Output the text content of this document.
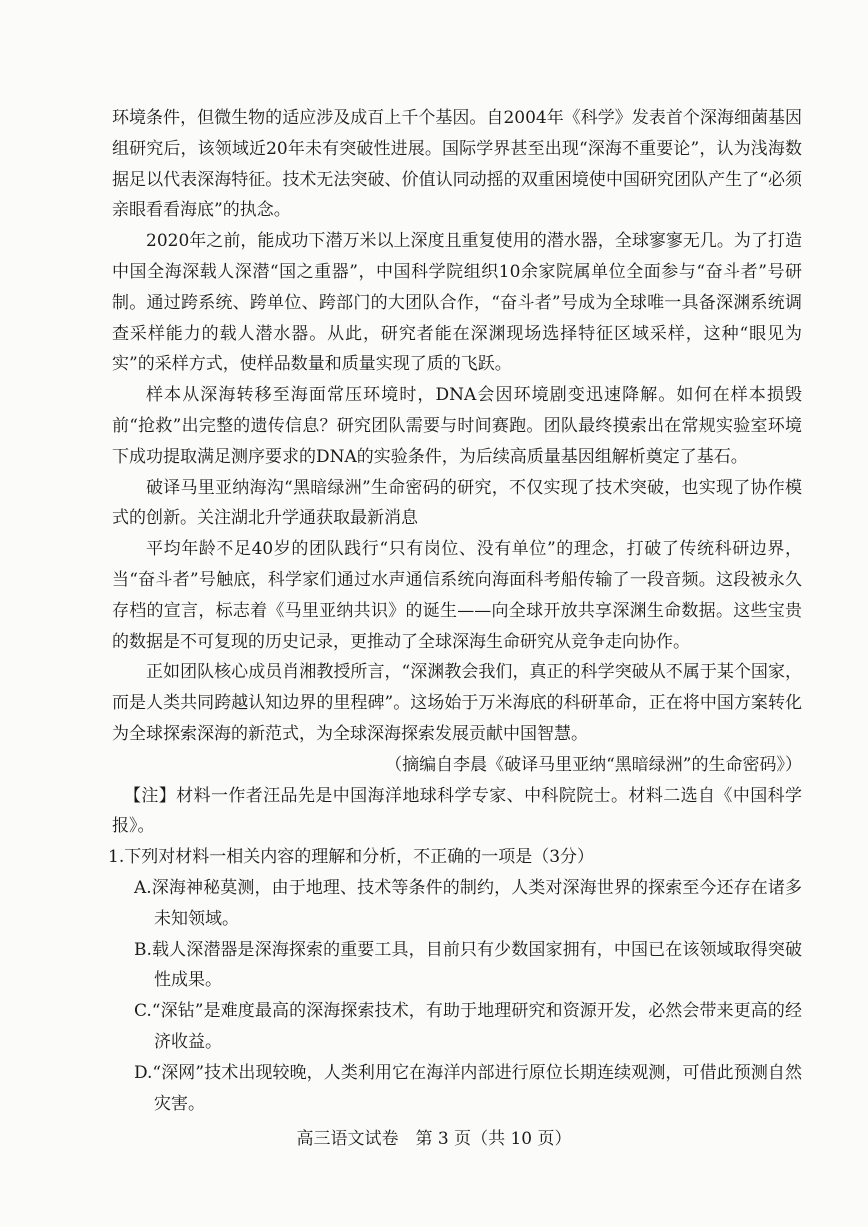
环境条件，但微生物的适应涉及成百上千个基因。自2004年《科学》发表首个深海细菌基因组研究后，该领域近20年未有突破性进展。国际学界甚至出现“深海不重要论”，认为浅海数据足以代表深海特征。技术无法突破、价值认同动摇的双重困境使中国研究团队产生了“必须亲眼看看海底”的执念。

2020年之前，能成功下潜万米以上深度且重复使用的潜水器，全球寥寥无几。为了打造中国全海深载人深潜“国之重器”，中国科学院组织10余家院属单位全面参与“奋斗者”号研制。通过跨系统、跨单位、跨部门的大团队合作，“奋斗者”号成为全球唯一具备深渊系统调查采样能力的载人潜水器。从此，研究者能在深渊现场选择特征区域采样，这种“眼见为实”的采样方式，使样品数量和质量实现了质的飞跃。

样本从深海转移至海面常压环境时，DNA会因环境剧变迅速降解。如何在样本损毁前“抢救”出完整的遗传信息？研究团队需要与时间赛跑。团队最终摸索出在常规实验室环境下成功提取满足测序要求的DNA的实验条件，为后续高质量基因组解析奠定了基石。

破译马里亚纳海沟“黑暗绿洲”生命密码的研究，不仅实现了技术突破，也实现了协作模式的创新。关注湖北升学通获取最新消息

平均年龄不足40岁的团队践行“只有岗位、没有单位”的理念，打破了传统科研边界，当“奋斗者”号触底，科学家们通过水声通信系统向海面科考船传输了一段音频。这段被永久存档的宣言，标志着《马里亚纳共识》的诞生——向全球开放共享深渊生命数据。这些宝贵的数据是不可复现的历史记录，更推动了全球深海生命研究从竞争走向协作。

正如团队核心成员肖湘教授所言，“深渊教会我们，真正的科学突破从不属于某个国家，而是人类共同跨越认知边界的里程碑”。这场始于万米海底的科研革命，正在将中国方案转化为全球探索深海的新范式，为全球深海探索发展贡献中国智慧。

（摘编自李晨《破译马里亚纳“黑暗绿洲”的生命密码》）

【注】材料一作者汪品先是中国海洋地球科学专家、中科院院士。材料二选自《中国科学报》。

1.下列对材料一相关内容的理解和分析，不正确的一项是（3分）

A.深海神秘莫测，由于地理、技术等条件的制约，人类对深海世界的探索至今还存在诸多未知领域。

B.载人深潜器是深海探索的重要工具，目前只有少数国家拥有，中国已在该领域取得突破性成果。

C.“深钻”是难度最高的深海探索技术，有助于地理研究和资源开发，必然会带来更高的经济收益。

D.“深网”技术出现较晚，人类利用它在海洋内部进行原位长期连续观测，可借此预测自然灾害。

高三语文试卷　第 3 页（共 10 页）
